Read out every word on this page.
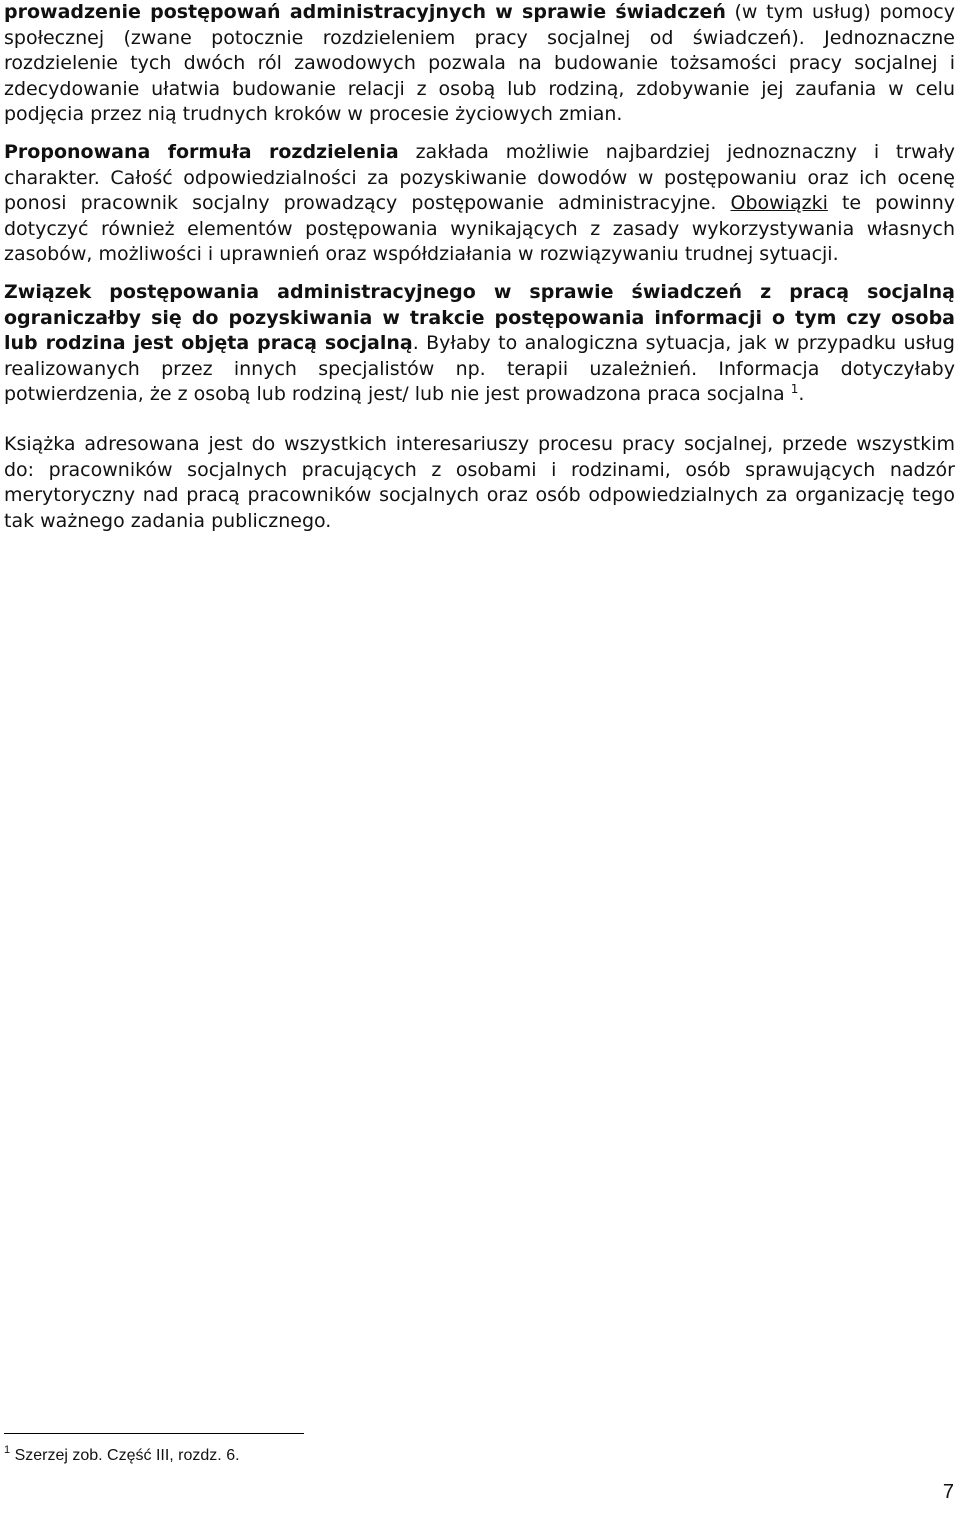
prowadzenie postępowań administracyjnych w sprawie świadczeń (w tym usług) pomocy społecznej (zwane potocznie rozdzieleniem pracy socjalnej od świadczeń). Jednoznaczne rozdzielenie tych dwóch ról zawodowych pozwala na budowanie tożsamości pracy socjalnej i zdecydowanie ułatwia budowanie relacji z osobą lub rodziną, zdobywanie jej zaufania w celu podjęcia przez nią trudnych kroków w procesie życiowych zmian.

Proponowana formuła rozdzielenia zakłada możliwie najbardziej jednoznaczny i trwały charakter. Całość odpowiedzialności za pozyskiwanie dowodów w postępowaniu oraz ich ocenę ponosi pracownik socjalny prowadzący postępowanie administracyjne. Obowiązki te powinny dotyczyć również elementów postępowania wynikających z zasady wykorzystywania własnych zasobów, możliwości i uprawnień oraz współdziałania w rozwiązywaniu trudnej sytuacji.

Związek postępowania administracyjnego w sprawie świadczeń z pracą socjalną ograniczałby się do pozyskiwania w trakcie postępowania informacji o tym czy osoba lub rodzina jest objęta pracą socjalną. Byłaby to analogiczna sytuacja, jak w przypadku usług realizowanych przez innych specjalistów np. terapii uzależnień. Informacja dotyczyłaby potwierdzenia, że z osobą lub rodziną jest/ lub nie jest prowadzona praca socjalna $^1$.

Książka adresowana jest do wszystkich interesariuszy procesu pracy socjalnej, przede wszystkim do: pracowników socjalnych pracujących z osobami i rodzinami, osób sprawujących nadzór merytoryczny nad pracą pracowników socjalnych oraz osób odpowiedzialnych za organizację tego tak ważnego zadania publicznego.

$^1$ Szerzej zob. Część III, rozdz. 6.
7
